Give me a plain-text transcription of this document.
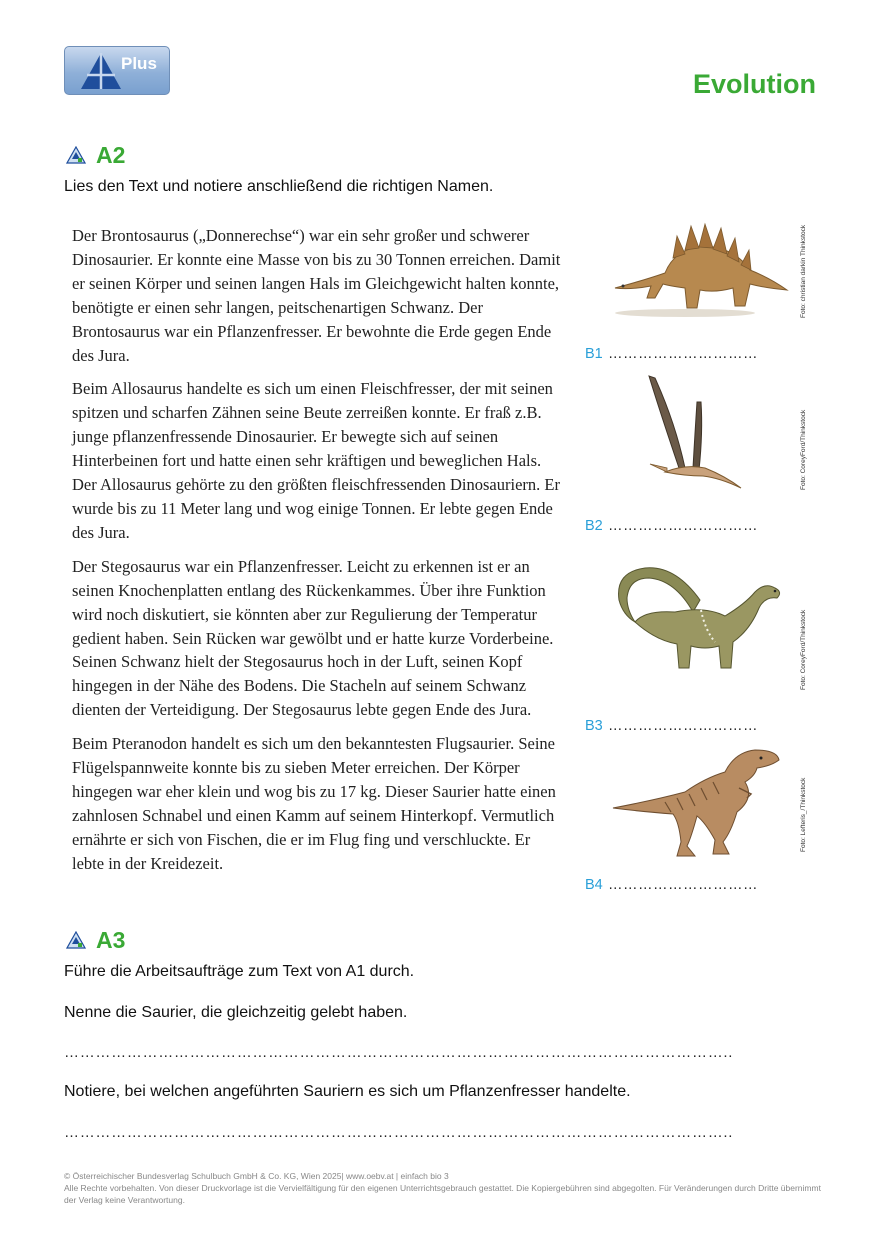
Plus
Evolution
A2
Lies den Text und notiere anschließend die richtigen Namen.

Der Brontosaurus („Donnerechse“) war ein sehr großer und schwerer Dinosaurier. Er konnte eine Masse von bis zu 30 Tonnen erreichen. Damit er seinen Körper und seinen langen Hals im Gleichgewicht halten konnte, benötigte er einen sehr langen, peitschenartigen Schwanz. Der Brontosaurus war ein Pflanzenfresser. Er bewohnte die Erde gegen Ende des Jura.

Beim Allosaurus handelte es sich um einen Fleischfresser, der mit seinen spitzen und scharfen Zähnen seine Beute zerreißen konnte. Er fraß z.B. junge pflanzenfressende Dinosaurier. Er bewegte sich auf seinen Hinterbeinen fort und hatte einen sehr kräftigen und beweglichen Hals. Der Allosaurus gehörte zu den größten fleischfressenden Dinosauriern. Er wurde bis zu 11 Meter lang und wog einige Tonnen. Er lebte gegen Ende des Jura.

Der Stegosaurus war ein Pflanzenfresser. Leicht zu erkennen ist er an seinen Knochenplatten entlang des Rückenkammes. Über ihre Funktion wird noch diskutiert, sie könnten aber zur Regulierung der Temperatur gedient haben. Sein Rücken war gewölbt und er hatte kurze Vorderbeine. Seinen Schwanz hielt der Stegosaurus hoch in der Luft, seinen Kopf hingegen in der Nähe des Bodens. Die Stacheln auf seinem Schwanz dienten der Verteidigung. Der Stegosaurus lebte gegen Ende des Jura.

Beim Pteranodon handelt es sich um den bekanntesten Flugsaurier. Seine Flügelspannweite konnte bis zu sieben Meter erreichen. Der Körper hingegen war eher klein und wog bis zu 17 kg. Dieser Saurier hatte einen zahnlosen Schnabel und einen Kamm auf seinem Hinterkopf. Vermutlich ernährte er sich von Fischen, die er im Flug fing und verschluckte. Er lebte in der Kreidezeit.

Foto: christian darkin Thinkstock
B1 …………………………
Foto: CoreyFord/Thinkstock
B2 …………………………
Foto: CoreyFord/Thinkstock
B3 …………………………
Foto: Lefteris_/Thinkstock
B4 …………………………
A3
Führe die Arbeitsaufträge zum Text von A1 durch.
Nenne die Saurier, die gleichzeitig gelebt haben.
………………………………………………………………………………………………………………..
Notiere, bei welchen angeführten Sauriern es sich um Pflanzenfresser handelte.
………………………………………………………………………………………………………………..
© Österreichischer Bundesverlag Schulbuch GmbH & Co. KG, Wien 2025| www.oebv.at | einfach bio 3
Alle Rechte vorbehalten. Von dieser Druckvorlage ist die Vervielfältigung für den eigenen Unterrichtsgebrauch gestattet. Die Kopiergebühren sind abgegolten. Für Veränderungen durch Dritte übernimmt der Verlag keine Verantwortung.
